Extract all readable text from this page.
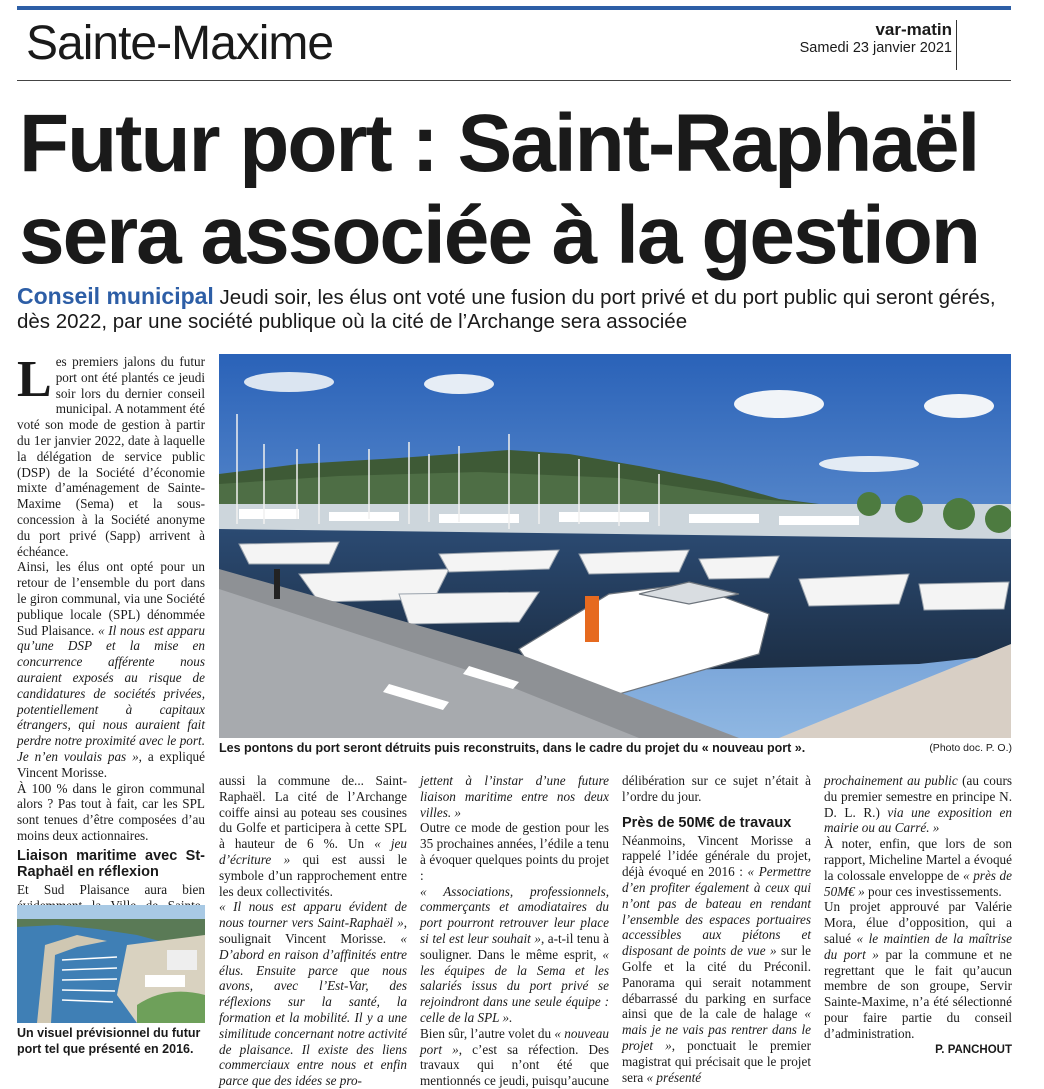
Sainte-Maxime	var-matin
Samedi 23 janvier 2021
Futur port : Saint-Raphaël
sera associée à la gestion
Conseil municipal Jeudi soir, les élus ont voté une fusion du port privé et du port public qui seront gérés, dès 2022, par une société publique où la cité de l’Archange sera associée

Les premiers jalons du futur port ont été plantés ce jeudi soir lors du dernier conseil municipal. A notamment été voté son mode de gestion à partir du 1er janvier 2022, date à laquelle la délégation de service public (DSP) de la Société d’économie mixte d’aménagement de Sainte-Maxime (Sema) et la sous-concession à la Société anonyme du port privé (Sapp) arrivent à échéance.

Ainsi, les élus ont opté pour un retour de l’ensemble du port dans le giron communal, via une Société publique locale (SPL) dénommée Sud Plaisance. « Il nous est apparu qu’une DSP et la mise en concurrence afférente nous auraient exposés au risque de candidatures de sociétés privées, potentiellement à capitaux étrangers, qui nous auraient fait perdre notre proximité avec le port. Je n’en voulais pas », a expliqué Vincent Morisse.

À 100 % dans le giron communal alors ? Pas tout à fait, car les SPL sont tenues d’être composées d’au moins deux actionnaires.

Liaison maritime avec St-Raphaël en réflexion

Et Sud Plaisance aura bien

Un visuel prévisionnel du futur port tel que présenté en 2016.
Les pontons du port seront détruits puis reconstruits, dans le cadre du projet du « nouveau port ».	(Photo doc. P. O.)

aussi la commune de... Saint-Raphaël. La cité de l’Archange coiffe ainsi au poteau ses cousines du Golfe et participera à cette SPL à hauteur de 6 %. Un « jeu d’écriture » qui est aussi le symbole d’un rapprochement entre les deux collectivités.

« Il nous est apparu évident de nous tourner vers Saint-Raphaël », soulignait Vincent Morisse. « D’abord en raison d’affinités entre élus. Ensuite parce que nous avons, avec l’Est-Var, des réflexions sur la santé, la formation et la mobilité. Il y a une similitude concernant notre activité de plaisance. Il existe des liens commerciaux entre nous et enfin parce que des idées se pro-

jettent à l’instar d’une future liaison maritime entre nos deux villes. »

Outre ce mode de gestion pour les 35 prochaines années, l’édile a tenu à évoquer quelques points du projet :

« Associations, professionnels, commerçants et amodiataires du port pourront retrouver leur place si tel est leur souhait », a-t-il tenu à souligner. Dans le même esprit, « les équipes de la Sema et les salariés issus du port privé se rejoindront dans une seule équipe : celle de la SPL ».

Bien sûr, l’autre volet du « nouveau port », c’est sa réfection. Des travaux qui n’ont été que mentionnés ce jeudi, puisqu’aucune

délibération sur ce sujet n’était à l’ordre du jour.

Près de 50M€ de travaux

Néanmoins, Vincent Morisse a rappelé l’idée générale du projet, déjà évoqué en 2016 : « Permettre d’en profiter également à ceux qui n’ont pas de bateau en rendant l’ensemble des espaces portuaires accessibles aux piétons et disposant de points de vue » sur le Golfe et la cité du Préconil. Panorama qui serait notamment débarrassé du parking en surface ainsi que de la cale de halage « mais je ne vais pas rentrer dans le projet », ponctuait le premier magistrat qui précisait que le projet sera « présenté

prochainement au public (au cours du premier semestre en principe N. D. L. R.) via une exposition en mairie ou au Carré. »

À noter, enfin, que lors de son rapport, Micheline Martel a évoqué la colossale enveloppe de « près de 50M€ » pour ces investissements.

Un projet approuvé par Valérie Mora, élue d’opposition, qui a salué « le maintien de la maîtrise du port » par la commune et ne regrettant que le fait qu’aucun membre de son groupe, Servir Sainte-Maxime, n’a été sélectionné pour faire partie du conseil d’administration.

P. PANCHOUT
